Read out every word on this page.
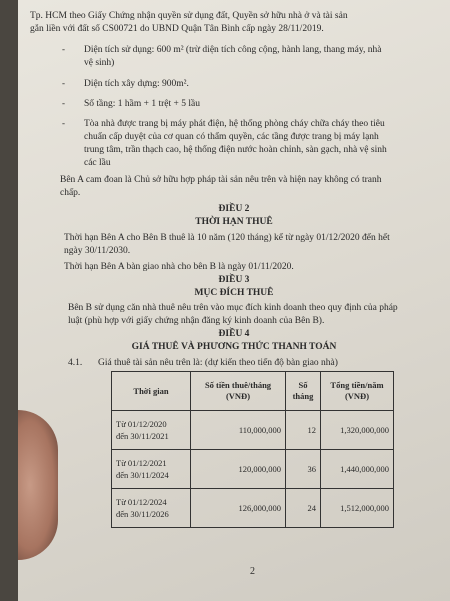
Tp. HCM theo Giấy Chứng nhận quyền sử dụng đất, Quyền sở hữu nhà ở và tài sản
gắn liền với đất số CS00721 do UBND Quận Tân Bình cấp ngày 28/11/2019.
- Diện tích sử dụng: 600 m² (trừ diện tích công cộng, hành lang, thang máy, nhà
vệ sinh)
- Diện tích xây dựng: 900m².
- Số tầng: 1 hầm + 1 trệt + 5 lầu
- Tòa nhà được trang bị máy phát điện, hệ thống phòng cháy chữa cháy theo tiêu
chuẩn cấp duyệt của cơ quan có thẩm quyền, các tầng được trang bị máy lạnh
trung tâm, trần thạch cao, hệ thống điện nước hoàn chỉnh, sàn gạch, nhà vệ sinh
các lầu
Bên A cam đoan là Chủ sở hữu hợp pháp tài sản nêu trên và hiện nay không có tranh
chấp.
ĐIỀU 2
THỜI HẠN THUÊ
Thời hạn Bên A cho Bên B thuê là 10 năm (120 tháng) kể từ ngày 01/12/2020 đến hết
ngày 30/11/2030.
Thời hạn Bên A bàn giao nhà cho bên B là ngày 01/11/2020.
ĐIỀU 3
MỤC ĐÍCH THUÊ
Bên B sử dụng căn nhà thuê nêu trên vào mục đích kinh doanh theo quy định của pháp
luật (phù hợp với giấy chứng nhận đăng ký kinh doanh của Bên B).
ĐIỀU 4
GIÁ THUÊ VÀ PHƯƠNG THỨC THANH TOÁN
4.1. Giá thuê tài sản nêu trên là: (dự kiến theo tiến độ bàn giao nhà)
Thời gian	Số tiền thuê/tháng (VNĐ)	Số tháng	Tổng tiền/năm (VNĐ)

Từ 01/12/2020
đến 30/11/2021	110,000,000	12	1,320,000,000

Từ 01/12/2021
đến 30/11/2024	120,000,000	36	1,440,000,000

Từ 01/12/2024
đến 30/11/2026	126,000,000	24	1,512,000,000
2
